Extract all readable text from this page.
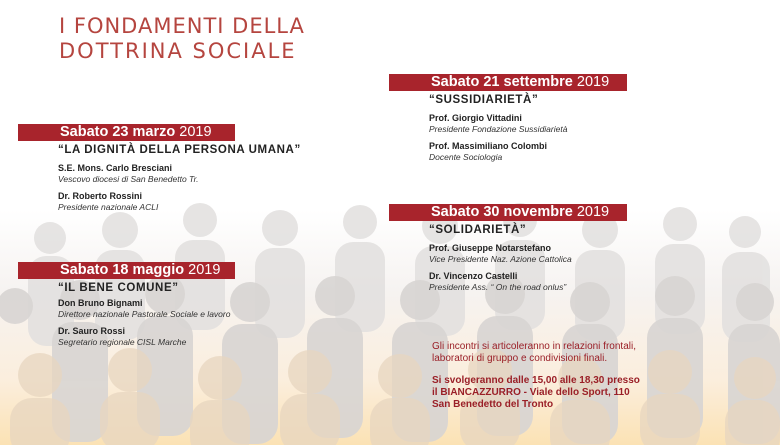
I FONDAMENTI DELLA
DOTTRINA SOCIALE
Sabato 23 marzo 2019
“LA DIGNITÀ DELLA PERSONA UMANA”
S.E. Mons. Carlo Bresciani
Vescovo diocesi di San Benedetto Tr.
Dr. Roberto Rossini
Presidente nazionale ACLI
Sabato 18 maggio 2019
“IL BENE COMUNE”
Don Bruno Bignami
Direttore nazionale Pastorale Sociale e lavoro
Dr. Sauro Rossi
Segretario regionale CISL Marche
Sabato 21 settembre 2019
“SUSSIDIARIETÀ”
Prof. Giorgio Vittadini
Presidente Fondazione Sussidiarietà
Prof. Massimiliano Colombi
Docente Sociologia
Sabato 30 novembre 2019
“SOLIDARIETÀ”
Prof. Giuseppe Notarstefano
Vice Presidente Naz. Azione Cattolica
Dr. Vincenzo Castelli
Presidente Ass. “ On the road onlus”
Gli incontri si articoleranno in relazioni frontali,
laboratori di gruppo e condivisioni finali.
Si svolgeranno dalle 15,00 alle 18,30 presso
il BIANCAZZURRO - Viale dello Sport, 110
San Benedetto del Tronto
